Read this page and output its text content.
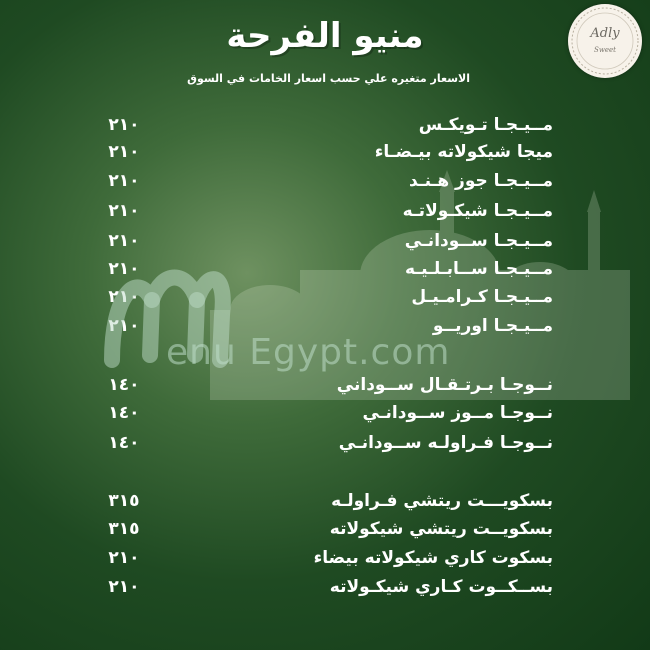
Adly
Sweet
منيو الفرحة
الاسعار متغيره علي حسب اسعار الخامات في السوق
مــيـجـا تـويكـس
٢١٠
ميجا شيكولاته بيـضـاء
٢١٠
مــيـجـا جوز هـنـد
٢١٠
مــيـجـا شيكـولاتـه
٢١٠
مــيـجـا ســودانـي
٢١٠
مــيـجـا ســابـلـيـه
٢١٠
مــيـجـا كـرامـيـل
٢١٠
مــيـجـا اوريــو
٢١٠
نــوجـا بـرتـقـال ســوداني
١٤٠
نــوجـا مــوز ســودانـي
١٤٠
نــوجـا فـراولـه ســودانـي
١٤٠
بسكويـــت ريتشي فـراولـه
٣١٥
بسكويــت ريتشي شيكولاته
٣١٥
بسكوت كاري شيكولاته بيضاء
٢١٠
بســكــوت كـاري شيكـولاته
٢١٠
enu Egypt.com
